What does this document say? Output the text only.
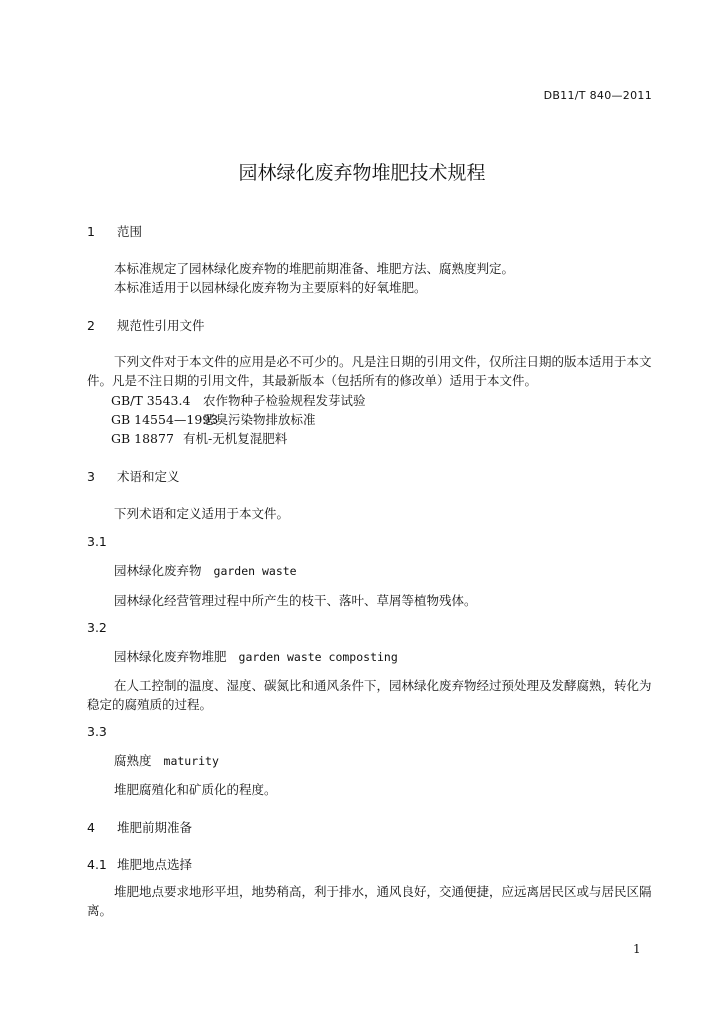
DB11/T 840—2011
园林绿化废弃物堆肥技术规程
1 范围
本标准规定了园林绿化废弃物的堆肥前期准备、堆肥方法、腐熟度判定。
本标准适用于以园林绿化废弃物为主要原料的好氧堆肥。
2 规范性引用文件
下列文件对于本文件的应用是必不可少的。凡是注日期的引用文件，仅所注日期的版本适用于本文
件。凡是不注日期的引用文件，其最新版本（包括所有的修改单）适用于本文件。
GB/T 3543.4 农作物种子检验规程发芽试验
GB 14554—1993恶臭污染物排放标准
GB 18877 有机-无机复混肥料
3 术语和定义
下列术语和定义适用于本文件。
3.1
园林绿化废弃物 garden waste
园林绿化经营管理过程中所产生的枝干、落叶、草屑等植物残体。
3.2
园林绿化废弃物堆肥 garden waste composting
在人工控制的温度、湿度、碳氮比和通风条件下，园林绿化废弃物经过预处理及发酵腐熟，转化为
稳定的腐殖质的过程。
3.3
腐熟度 maturity
堆肥腐殖化和矿质化的程度。
4 堆肥前期准备
4.1 堆肥地点选择
堆肥地点要求地形平坦，地势稍高，利于排水，通风良好，交通便捷，应远离居民区或与居民区隔
离。
1
